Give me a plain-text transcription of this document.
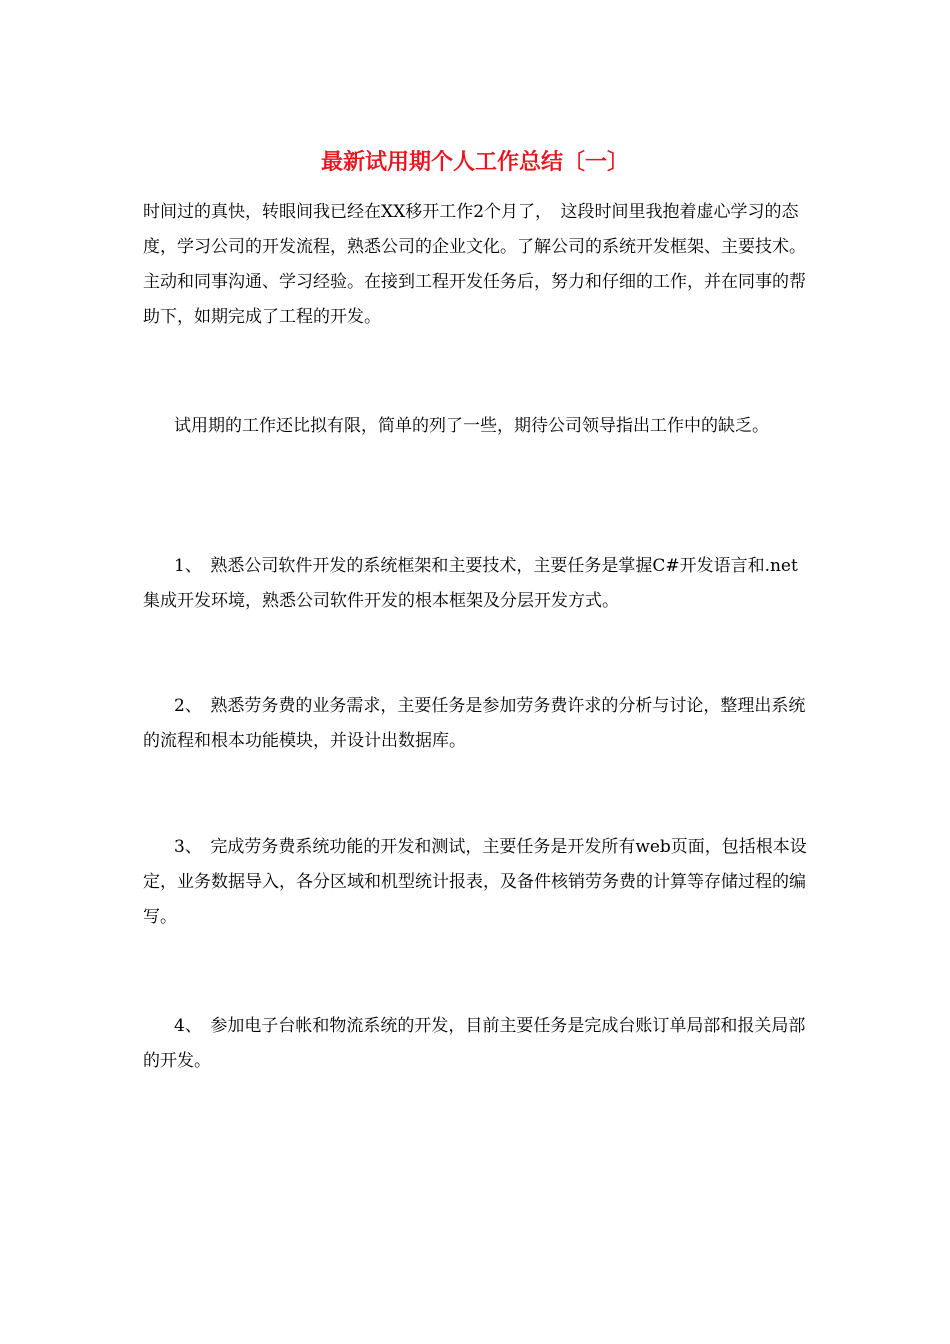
最新试用期个人工作总结〔一〕

时间过的真快，转眼间我已经在XX移开工作2个月了，　这段时间里我抱着虚心学习的态度，学习公司的开发流程，熟悉公司的企业文化。了解公司的系统开发框架、主要技术。主动和同事沟通、学习经验。在接到工程开发任务后，努力和仔细的工作，并在同事的帮助下，如期完成了工程的开发。

试用期的工作还比拟有限，简单的列了一些，期待公司领导指出工作中的缺乏。

1、　熟悉公司软件开发的系统框架和主要技术，主要任务是掌握C#开发语言和.net集成开发环境，熟悉公司软件开发的根本框架及分层开发方式。

2、　熟悉劳务费的业务需求，主要任务是参加劳务费许求的分析与讨论，整理出系统的流程和根本功能模块，并设计出数据库。

3、　完成劳务费系统功能的开发和测试，主要任务是开发所有web页面，包括根本设定，业务数据导入，各分区域和机型统计报表，及备件核销劳务费的计算等存储过程的编写。

4、　参加电子台帐和物流系统的开发，目前主要任务是完成台账订单局部和报关局部的开发。
